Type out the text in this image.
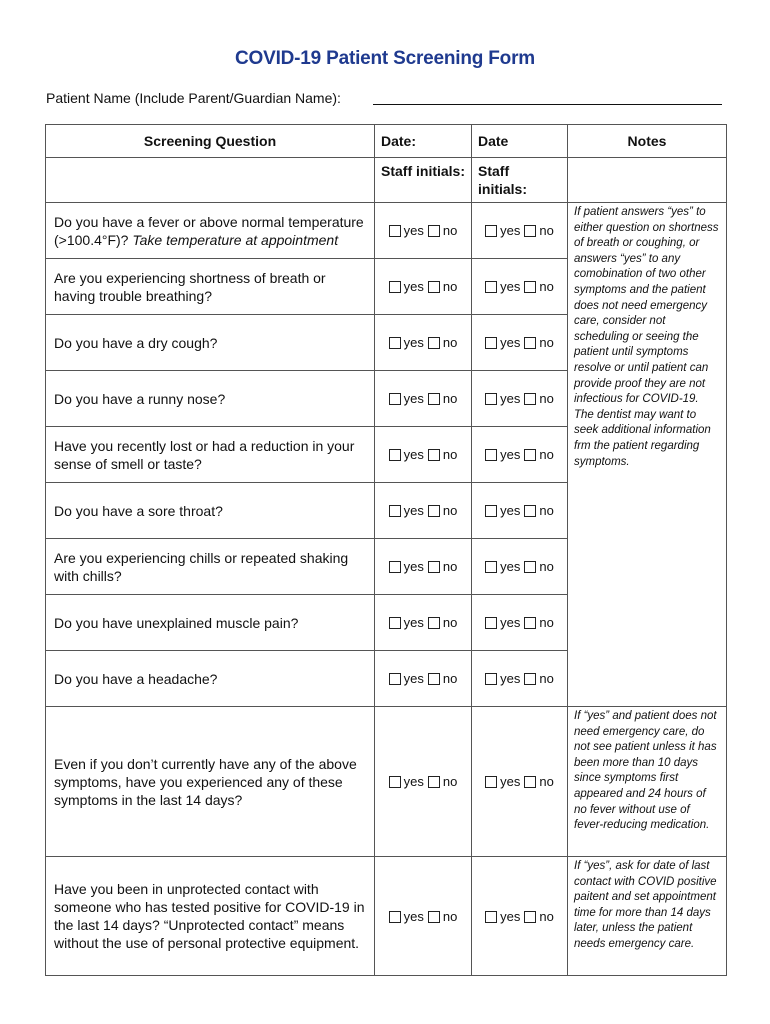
COVID-19 Patient Screening Form
Patient Name (Include Parent/Guardian Name):
Screening Question	Date:	Date	Notes
	Staff initials:	Staff initials:	
Do you have a fever or above normal temperature (>100.4°F)? Take temperature at appointment	yes no	yes no	If patient answers “yes” to either question on shortness of breath or coughing, or answers “yes” to any comobination of two other symptoms and the patient does not need emergency care, consider not scheduling or seeing the patient until symptoms resolve or until patient can provide proof they are not infectious for COVID-19. The dentist may want to seek additional information frm the patient regarding symptoms.
Are you experiencing shortness of breath or having trouble breathing?	yes no	yes no	
Do you have a dry cough?	yes no	yes no	
Do you have a runny nose?	yes no	yes no	
Have you recently lost or had a reduction in your sense of smell or taste?	yes no	yes no	
Do you have a sore throat?	yes no	yes no	
Are you experiencing chills or repeated shaking with chills?	yes no	yes no	
Do you have unexplained muscle pain?	yes no	yes no	
Do you have a headache?	yes no	yes no	
Even if you don’t currently have any of the above symptoms, have you experienced any of these symptoms in the last 14 days?	yes no	yes no	If “yes” and patient does not need emergency care, do not see patient unless it has been more than 10 days since symptoms first appeared and 24 hours of no fever without use of fever-reducing medication.
Have you been in unprotected contact with someone who has tested positive for COVID-19 in the last 14 days? “Unprotected contact” means without the use of personal protective equipment.	yes no	yes no	If “yes”, ask for date of last contact with COVID positive paitent and set appointment time for more than 14 days later, unless the patient needs emergency care.
